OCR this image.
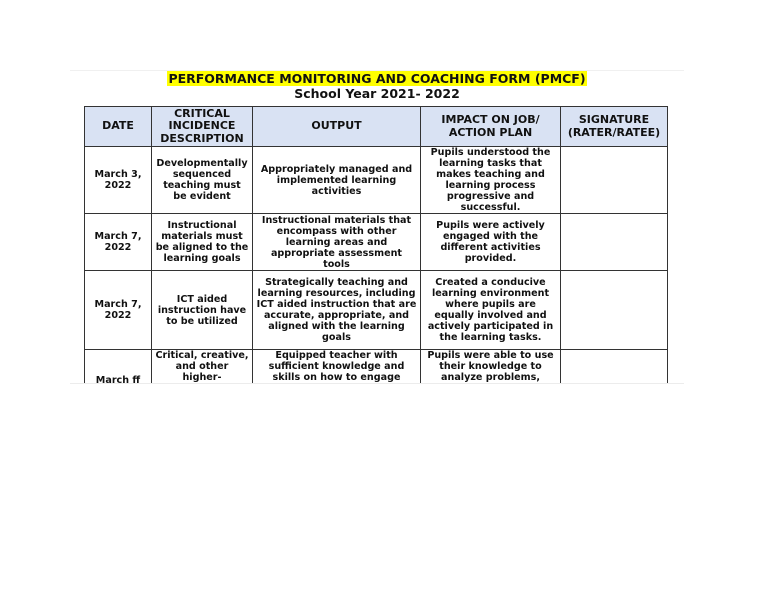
PERFORMANCE MONITORING AND COACHING FORM (PMCF)
School Year 2021- 2022
DATE	CRITICAL INCIDENCE DESCRIPTION	OUTPUT	IMPACT ON JOB/ ACTION PLAN	SIGNATURE (RATER/RATEE)
March 3, 2022	Developmentally sequenced teaching must be evident	Appropriately managed and implemented learning activities	Pupils understood the learning tasks that makes teaching and learning process progressive and successful.	
March 7, 2022	Instructional materials must be aligned to the learning goals	Instructional materials that encompass with other learning areas and appropriate assessment tools	Pupils were actively engaged with the different activities provided.	
March 7, 2022	ICT aided instruction have to be utilized	Strategically teaching and learning resources, including ICT aided instruction that are accurate, appropriate, and aligned with the learning goals	Created a conducive learning environment where pupils are equally involved and actively participated in the learning tasks.	
March ff	Critical, creative, and other higher-	Equipped teacher with sufficient knowledge and skills on how to engage	Pupils were able to use their knowledge to analyze problems,	
